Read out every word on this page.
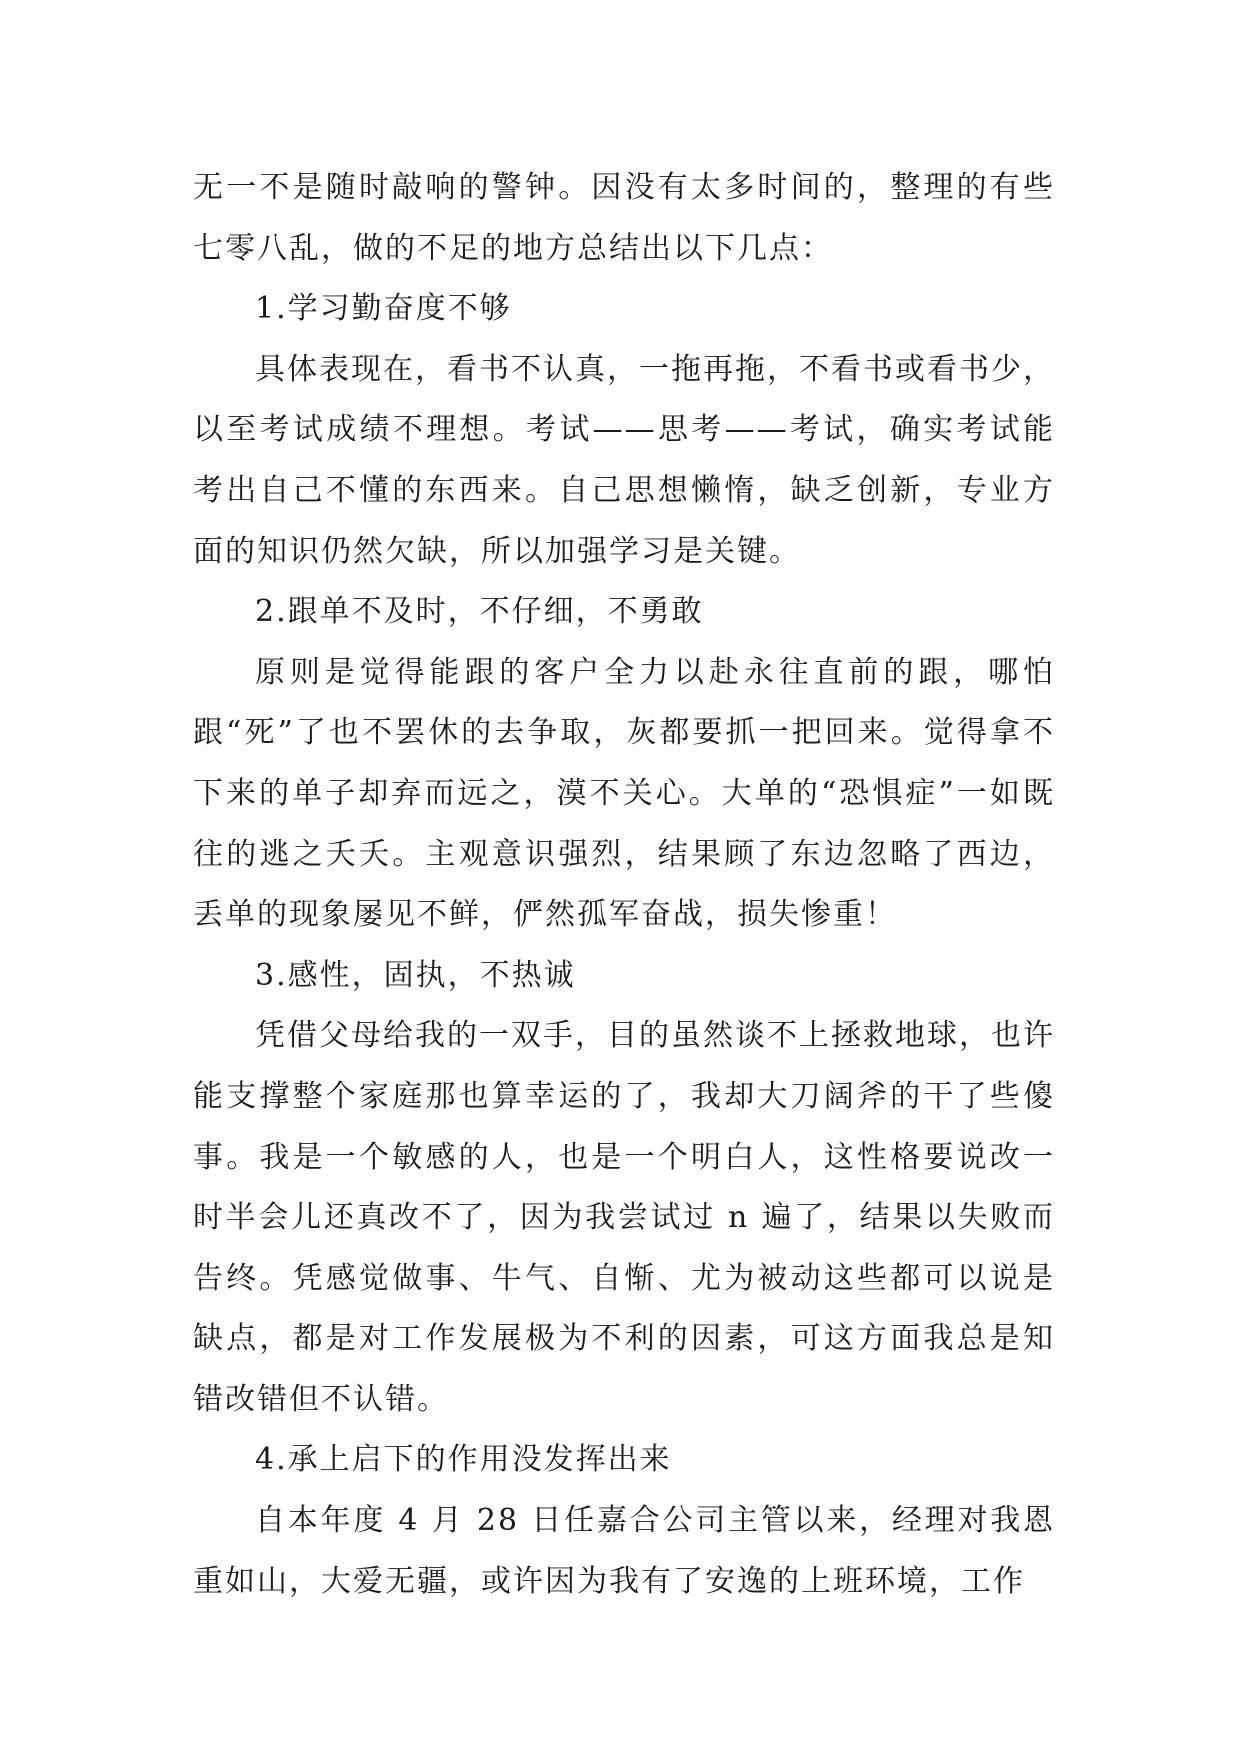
无一不是随时敲响的警钟。因没有太多时间的，整理的有些七零八乱，做的不足的地方总结出以下几点：

1.学习勤奋度不够

具体表现在，看书不认真，一拖再拖，不看书或看书少，以至考试成绩不理想。考试——思考——考试，确实考试能考出自己不懂的东西来。自己思想懒惰，缺乏创新，专业方面的知识仍然欠缺，所以加强学习是关键。

2.跟单不及时，不仔细，不勇敢

原则是觉得能跟的客户全力以赴永往直前的跟，哪怕跟“死”了也不罢休的去争取，灰都要抓一把回来。觉得拿不下来的单子却弃而远之，漠不关心。大单的“恐惧症”一如既往的逃之夭夭。主观意识强烈，结果顾了东边忽略了西边，丢单的现象屡见不鲜，俨然孤军奋战，损失惨重！

3.感性，固执，不热诚

凭借父母给我的一双手，目的虽然谈不上拯救地球，也许能支撑整个家庭那也算幸运的了，我却大刀阔斧的干了些傻事。我是一个敏感的人，也是一个明白人，这性格要说改一时半会儿还真改不了，因为我尝试过 n 遍了，结果以失败而告终。凭感觉做事、牛气、自惭、尤为被动这些都可以说是缺点，都是对工作发展极为不利的因素，可这方面我总是知错改错但不认错。

4.承上启下的作用没发挥出来

自本年度 4 月 28 日任嘉合公司主管以来，经理对我恩重如山，大爱无疆，或许因为我有了安逸的上班环境，工作
